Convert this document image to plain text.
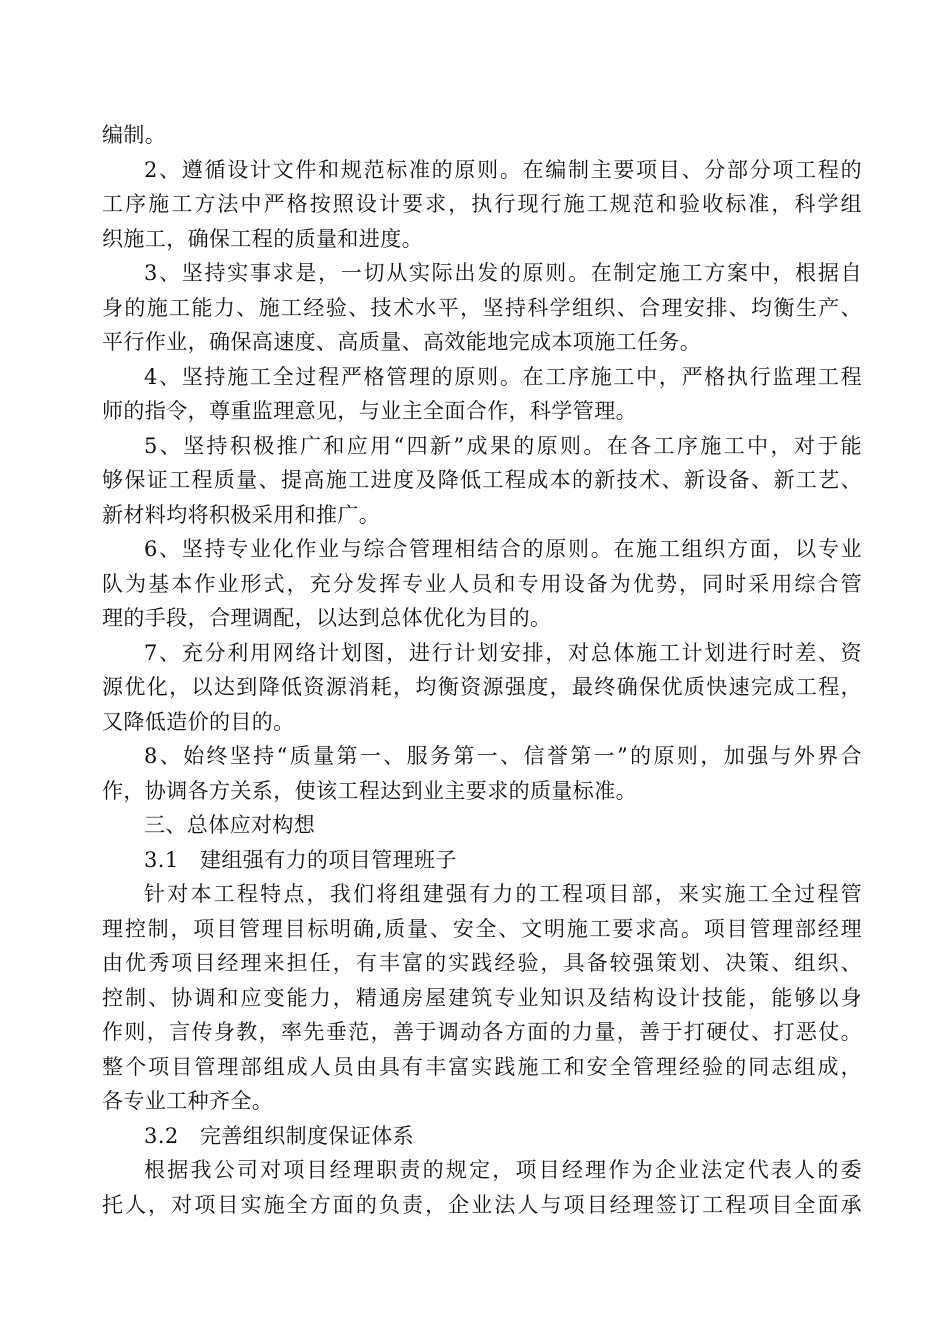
编制。
2、遵循设计文件和规范标准的原则。在编制主要项目、分部分项工程的
工序施工方法中严格按照设计要求，执行现行施工规范和验收标准，科学组
织施工，确保工程的质量和进度。
3、坚持实事求是，一切从实际出发的原则。在制定施工方案中，根据自
身的施工能力、施工经验、技术水平，坚持科学组织、合理安排、均衡生产、
平行作业，确保高速度、高质量、高效能地完成本项施工任务。
4、坚持施工全过程严格管理的原则。在工序施工中，严格执行监理工程
师的指令，尊重监理意见，与业主全面合作，科学管理。
5、坚持积极推广和应用“四新”成果的原则。在各工序施工中，对于能
够保证工程质量、提高施工进度及降低工程成本的新技术、新设备、新工艺、
新材料均将积极采用和推广。
6、坚持专业化作业与综合管理相结合的原则。在施工组织方面，以专业
队为基本作业形式，充分发挥专业人员和专用设备为优势，同时采用综合管
理的手段，合理调配，以达到总体优化为目的。
7、充分利用网络计划图，进行计划安排，对总体施工计划进行时差、资
源优化，以达到降低资源消耗，均衡资源强度，最终确保优质快速完成工程，
又降低造价的目的。
8、始终坚持“质量第一、服务第一、信誉第一”的原则，加强与外界合
作，协调各方关系，使该工程达到业主要求的质量标准。
三、总体应对构想
3.1　建组强有力的项目管理班子
针对本工程特点，我们将组建强有力的工程项目部，来实施工全过程管
理控制，项目管理目标明确,质量、安全、文明施工要求高。项目管理部经理
由优秀项目经理来担任，有丰富的实践经验，具备较强策划、决策、组织、
控制、协调和应变能力，精通房屋建筑专业知识及结构设计技能，能够以身
作则，言传身教，率先垂范，善于调动各方面的力量，善于打硬仗、打恶仗。
整个项目管理部组成人员由具有丰富实践施工和安全管理经验的同志组成，
各专业工种齐全。
3.2　完善组织制度保证体系
根据我公司对项目经理职责的规定，项目经理作为企业法定代表人的委
托人，对项目实施全方面的负责，企业法人与项目经理签订工程项目全面承
